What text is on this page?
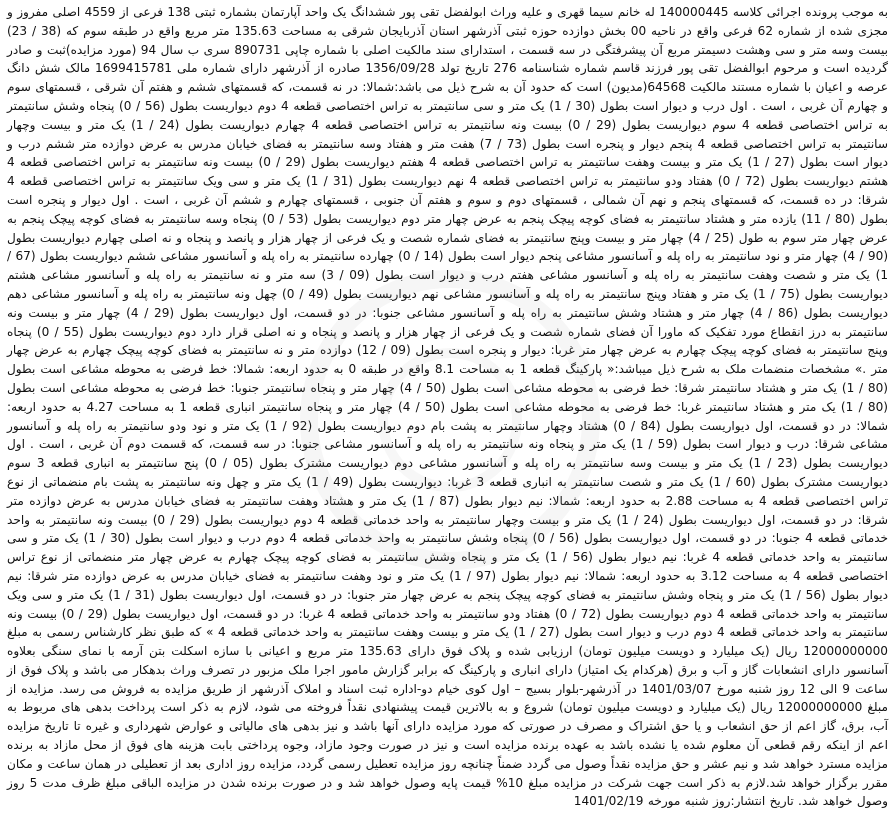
به موجب پرونده اجرائی کلاسه 140000445 له خانم سیما قهری و علیه وراث ابولفضل تقی پور ششدانگ یک واحد آپارتمان بشماره ثبتی 138 فرعی از 4559 اصلی مفروز و مجزی شده از شماره 62 فرعی واقع در ناحیه 00 بخش دوازده حوزه ثبتی آذرشهر استان آذربایجان شرقی به مساحت 135.63 متر مربع واقع در طبقه سوم که (38 / 23) بیست وسه متر و سی وهشت دسیمتر مربع آن پیشرفتگی در سه قسمت ، استدارای سند مالکیت اصلی با شماره چاپی 890731 سری ب سال 94 (مورد مزایده)ثبت و صادر گردیده است و مرحوم ابوالفضل تقی پور فرزند قاسم شماره شناسنامه 276 تاریخ تولد 1356/09/28 صادره از آذرشهر دارای شماره ملی 1699415781 مالک شش دانگ عرصه و اعیان با شماره مستند مالکیت 64568(مدیون) است که حدود آن به شرح ذیل می باشد:شمالا: در نه قسمت، که قسمتهای ششم و هفتم آن شرقی ، قسمتهای سوم و چهارم آن غربی ، است . اول درب و دیوار است بطول (30 / 1) یک متر و سی سانتیمتر به تراس اختصاصی قطعه 4 دوم دیواریست بطول (56 / 0) پنجاه وشش سانتیمتر به تراس اختصاصی قطعه 4 سوم دیواریست بطول (29 / 0) بیست ونه سانتیمتر به تراس اختصاصی قطعه 4 چهارم دیواریست بطول (24 / 1) یک متر و بیست وچهار سانتیمتر به تراس اختصاصی قطعه 4 پنجم دیوار و پنجره است بطول (73 / 7) هفت متر و هفتاد وسه سانتیمتر به فضای خیابان مدرس به عرض دوازده متر ششم درب و دیوار است بطول (27 / 1) یک متر و بیست وهفت سانتیمتر به تراس اختصاصی قطعه 4 هفتم دیواریست بطول (29 / 0) بیست ونه سانتیمتر به تراس اختصاصی قطعه 4 هشتم دیواریست بطول (72 / 0) هفتاد ودو سانتیمتر به تراس اختصاصی قطعه 4 نهم دیواریست بطول (31 / 1) یک متر و سی ویک سانتیمتر به تراس اختصاصی قطعه 4 شرقا: در ده قسمت، که قسمتهای پنجم و نهم آن شمالی ، قسمتهای دوم و سوم و هفتم آن جنوبی ، قسمتهای چهارم و ششم آن غربی ، است . اول دیوار و پنجره است بطول (80 / 11) یازده متر و هشتاد سانتیمتر به فضای کوچه پیچک پنجم به عرض چهار متر دوم دیواریست بطول (53 / 0) پنجاه وسه سانتیمتر به فضای کوچه پیچک پنجم به عرض چهار متر سوم به طول (25 / 4) چهار متر و بیست وپنج سانتیمتر به فضای شماره شصت و یک فرعی از چهار هزار و پانصد و پنجاه و نه اصلی چهارم دیواریست بطول (90 / 4) چهار متر و نود سانتیمتر به راه پله و آسانسور مشاعی پنجم دیوار است بطول (14 / 0) چهارده سانتیمتر به راه پله و آسانسور مشاعی ششم دیواریست بطول (67 / 1) یک متر و شصت وهفت سانتیمتر به راه پله و آسانسور مشاعی هفتم درب و دیوار است بطول (09 / 3) سه متر و نه سانتیمتر به راه پله و آسانسور مشاعی هشتم دیواریست بطول (75 / 1) یک متر و هفتاد وپنج سانتیمتر به راه پله و آسانسور مشاعی نهم دیواریست بطول (49 / 0) چهل ونه سانتیمتر به راه پله و آسانسور مشاعی دهم دیواریست بطول (86 / 4) چهار متر و هشتاد وشش سانتیمتر به راه پله و آسانسور مشاعی جنوبا: در دو قسمت، اول دیواریست بطول (29 / 4) چهار متر و بیست ونه سانتیمتر به درز انقطاع مورد تفکیک که ماورا آن فضای شماره شصت و یک فرعی از چهار هزار و پانصد و پنجاه و نه اصلی قرار دارد دوم دیواریست بطول (55 / 0) پنجاه وپنج سانتیمتر به فضای کوچه پیچک چهارم به عرض چهار متر غربا: دیوار و پنجره است بطول (09 / 12) دوازده متر و نه سانتیمتر به فضای کوچه پیچک چهارم به عرض چهار متر .» مشخصات منضمات ملک به شرح ذیل میباشد:« پارکینگ قطعه 1 به مساحت 8.1 واقع در طبقه 0 به حدود اربعه: شمالا: خط فرضی به محوطه مشاعی است بطول (80 / 1) یک متر و هشتاد سانتیمتر شرقا: خط فرضی به محوطه مشاعی است بطول (50 / 4) چهار متر و پنجاه سانتیمتر جنوبا: خط فرضی به محوطه مشاعی است بطول (80 / 1) یک متر و هشتاد سانتیمتر غربا: خط فرضی به محوطه مشاعی است بطول (50 / 4) چهار متر و پنجاه سانتیمتر انباری قطعه 1 به مساحت 4.27 به حدود اربعه: شمالا: در دو قسمت، اول دیواریست بطول (84 / 0) هشتاد وچهار سانتیمتر به پشت بام دوم دیواریست بطول (92 / 1) یک متر و نود ودو سانتیمتر به راه پله و آسانسور مشاعی شرقا: درب و دیوار است بطول (59 / 1) یک متر و پنجاه ونه سانتیمتر به راه پله و آسانسور مشاعی جنوبا: در سه قسمت، که قسمت دوم آن غربی ، است . اول دیواریست بطول (23 / 1) یک متر و بیست وسه سانتیمتر به راه پله و آسانسور مشاعی دوم دیواریست مشترک بطول (05 / 0) پنج سانتیمتر به انباری قطعه 3 سوم دیواریست مشترک بطول (60 / 1) یک متر و شصت سانتیمتر به انباری قطعه 3 غربا: دیواریست بطول (49 / 1) یک متر و چهل ونه سانتیمتر به پشت بام منضماتی از نوع تراس اختصاصی قطعه 4 به مساحت 2.88 به حدود اربعه: شمالا: نیم دیوار بطول (87 / 1) یک متر و هشتاد وهفت سانتیمتر به فضای خیابان مدرس به عرض دوازده متر شرقا: در دو قسمت، اول دیواریست بطول (24 / 1) یک متر و بیست وچهار سانتیمتر به واحد خدماتی قطعه 4 دوم دیواریست بطول (29 / 0) بیست ونه سانتیمتر به واحد خدماتی قطعه 4 جنوبا: در دو قسمت، اول دیواریست بطول (56 / 0) پنجاه وشش سانتیمتر به واحد خدماتی قطعه 4 دوم درب و دیوار است بطول (30 / 1) یک متر و سی سانتیمتر به واحد خدماتی قطعه 4 غربا: نیم دیوار بطول (56 / 1) یک متر و پنجاه وشش سانتیمتر به فضای کوچه پیچک چهارم به عرض چهار متر منضماتی از نوع تراس اختصاصی قطعه 4 به مساحت 3.12 به حدود اربعه: شمالا: نیم دیوار بطول (97 / 1) یک متر و نود وهفت سانتیمتر به فضای خیابان مدرس به عرض دوازده متر شرقا: نیم دیوار بطول (56 / 1) یک متر و پنجاه وشش سانتیمتر به فضای کوچه پیچک پنجم به عرض چهار متر جنوبا: در دو قسمت، اول دیواریست بطول (31 / 1) یک متر و سی ویک سانتیمتر به واحد خدماتی قطعه 4 دوم دیواریست بطول (72 / 0) هفتاد ودو سانتیمتر به واحد خدماتی قطعه 4 غربا: در دو قسمت، اول دیواریست بطول (29 / 0) بیست ونه سانتیمتر به واحد خدماتی قطعه 4 دوم درب و دیوار است بطول (27 / 1) یک متر و بیست وهفت سانتیمتر به واحد خدماتی قطعه 4 » که طبق نظر کارشناس رسمی به مبلغ 12000000000 ریال (یک میلیارد و دویست میلیون تومان) ارزیابی شده و پلاک فوق دارای 135.63 متر مربع و اعیانی با سازه اسکلت بتن آرمه با نمای سنگی بعلاوه آسانسور دارای انشعابات گاز و آب و برق (هرکدام یک امتیاز) دارای انباری و پارکینگ که برابر گزارش مامور اجرا ملک مزبور در تصرف وراث بدهکار می باشد و پلاک فوق از ساعت 9 الی 12 روز شنبه مورخ 1401/03/07 در آذرشهر-بلوار بسیج – اول کوی خیام دو-اداره ثبت اسناد و املاک آذرشهر از طریق مزایده به فروش می رسد. مزایده از مبلغ 12000000000 ریال (یک میلیارد و دویست میلیون تومان) شروع و به بالاترین قیمت پیشنهادی نقداً فروخته می شود، لازم به ذکر است پرداخت بدهی های مربوط به آب، برق، گاز اعم از حق انشعاب و یا حق اشتراک و مصرف در صورتی که مورد مزایده دارای آنها باشد و نیز بدهی های مالیاتی و عوارض شهرداری و غیره تا تاریخ مزایده اعم از اینکه رقم قطعی آن معلوم شده یا نشده باشد به عهده برنده مزایده است و نیز در صورت وجود مازاد، وجوه پرداختی بابت هزینه های فوق از محل مازاد به برنده مزایده مسترد خواهد شد و نیم عشر و حق مزایده نقداً وصول می گردد ضمناً چنانچه روز مزایده تعطیل رسمی گردد، مزایده روز اداری بعد از تعطیلی در همان ساعت و مکان مقرر برگزار خواهد شد.لازم به ذکر است جهت شرکت در مزایده مبلغ 10% قیمت پایه وصول خواهد شد و در صورت برنده شدن در مزایده الباقی مبلغ ظرف مدت 5 روز وصول خواهد شد. تاریخ انتشار:روز شنبه مورخه 1401/02/19
